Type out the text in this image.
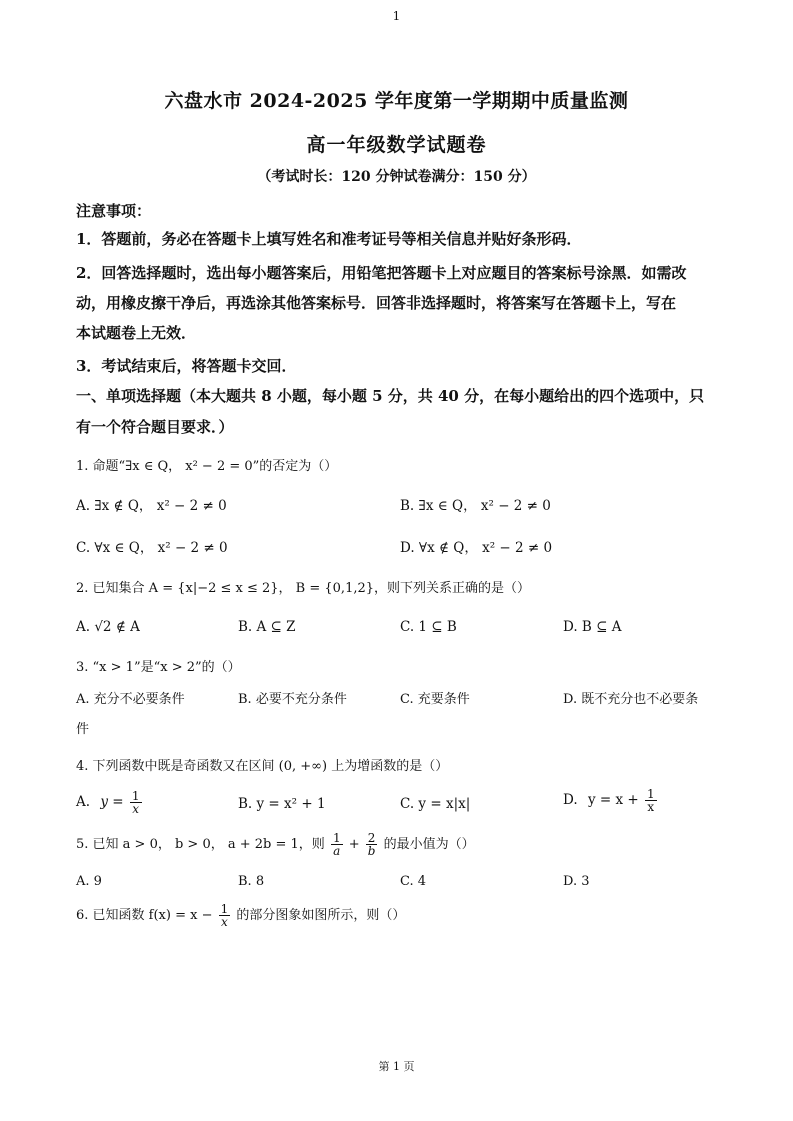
1
六盘水市 2024-2025 学年度第一学期期中质量监测
高一年级数学试题卷
（考试时长：120 分钟试卷满分：150 分）
注意事项：
1．答题前，务必在答题卡上填写姓名和准考证号等相关信息并贴好条形码．
2．回答选择题时，选出每小题答案后，用铅笔把答题卡上对应题目的答案标号涂黑．如需改
动，用橡皮擦干净后，再选涂其他答案标号．回答非选择题时，将答案写在答题卡上，写在
本试题卷上无效．
3．考试结束后，将答题卡交回．
一、单项选择题（本大题共 8 小题，每小题 5 分，共 40 分，在每小题给出的四个选项中，只
有一个符合题目要求．）
1. 命题“∃x ∈ Q， x² − 2 = 0”的否定为（）
A. ∃x ∉ Q， x² − 2 ≠ 0	B. ∃x ∈ Q， x² − 2 ≠ 0
C. ∀x ∈ Q， x² − 2 ≠ 0	D. ∀x ∉ Q， x² − 2 ≠ 0
2. 已知集合 A = {x|−2 ≤ x ≤ 2}， B = {0,1,2}，则下列关系正确的是（）
A. √2 ∉ A	B. A ⊆ Z	C. 1 ⊆ B	D. B ⊆ A
3. “x > 1”是“x > 2”的（）
A. 充分不必要条件	B. 必要不充分条件	C. 充要条件	D. 既不充分也不必要条
件
4. 下列函数中既是奇函数又在区间 (0, +∞) 上为增函数的是（）
A. $y = \frac{1}{x}$	B. y = x² + 1	C. y = x|x|	D. $y = x + \frac{1}{x}$
5. 已知 a > 0， b > 0， a + 2b = 1，则 $\frac{1}{a} + \frac{2}{b}$ 的最小值为（）
A. 9	B. 8	C. 4	D. 3
6. 已知函数 $f(x) = x - \frac{1}{x}$ 的部分图象如图所示，则（）
第 1 页
